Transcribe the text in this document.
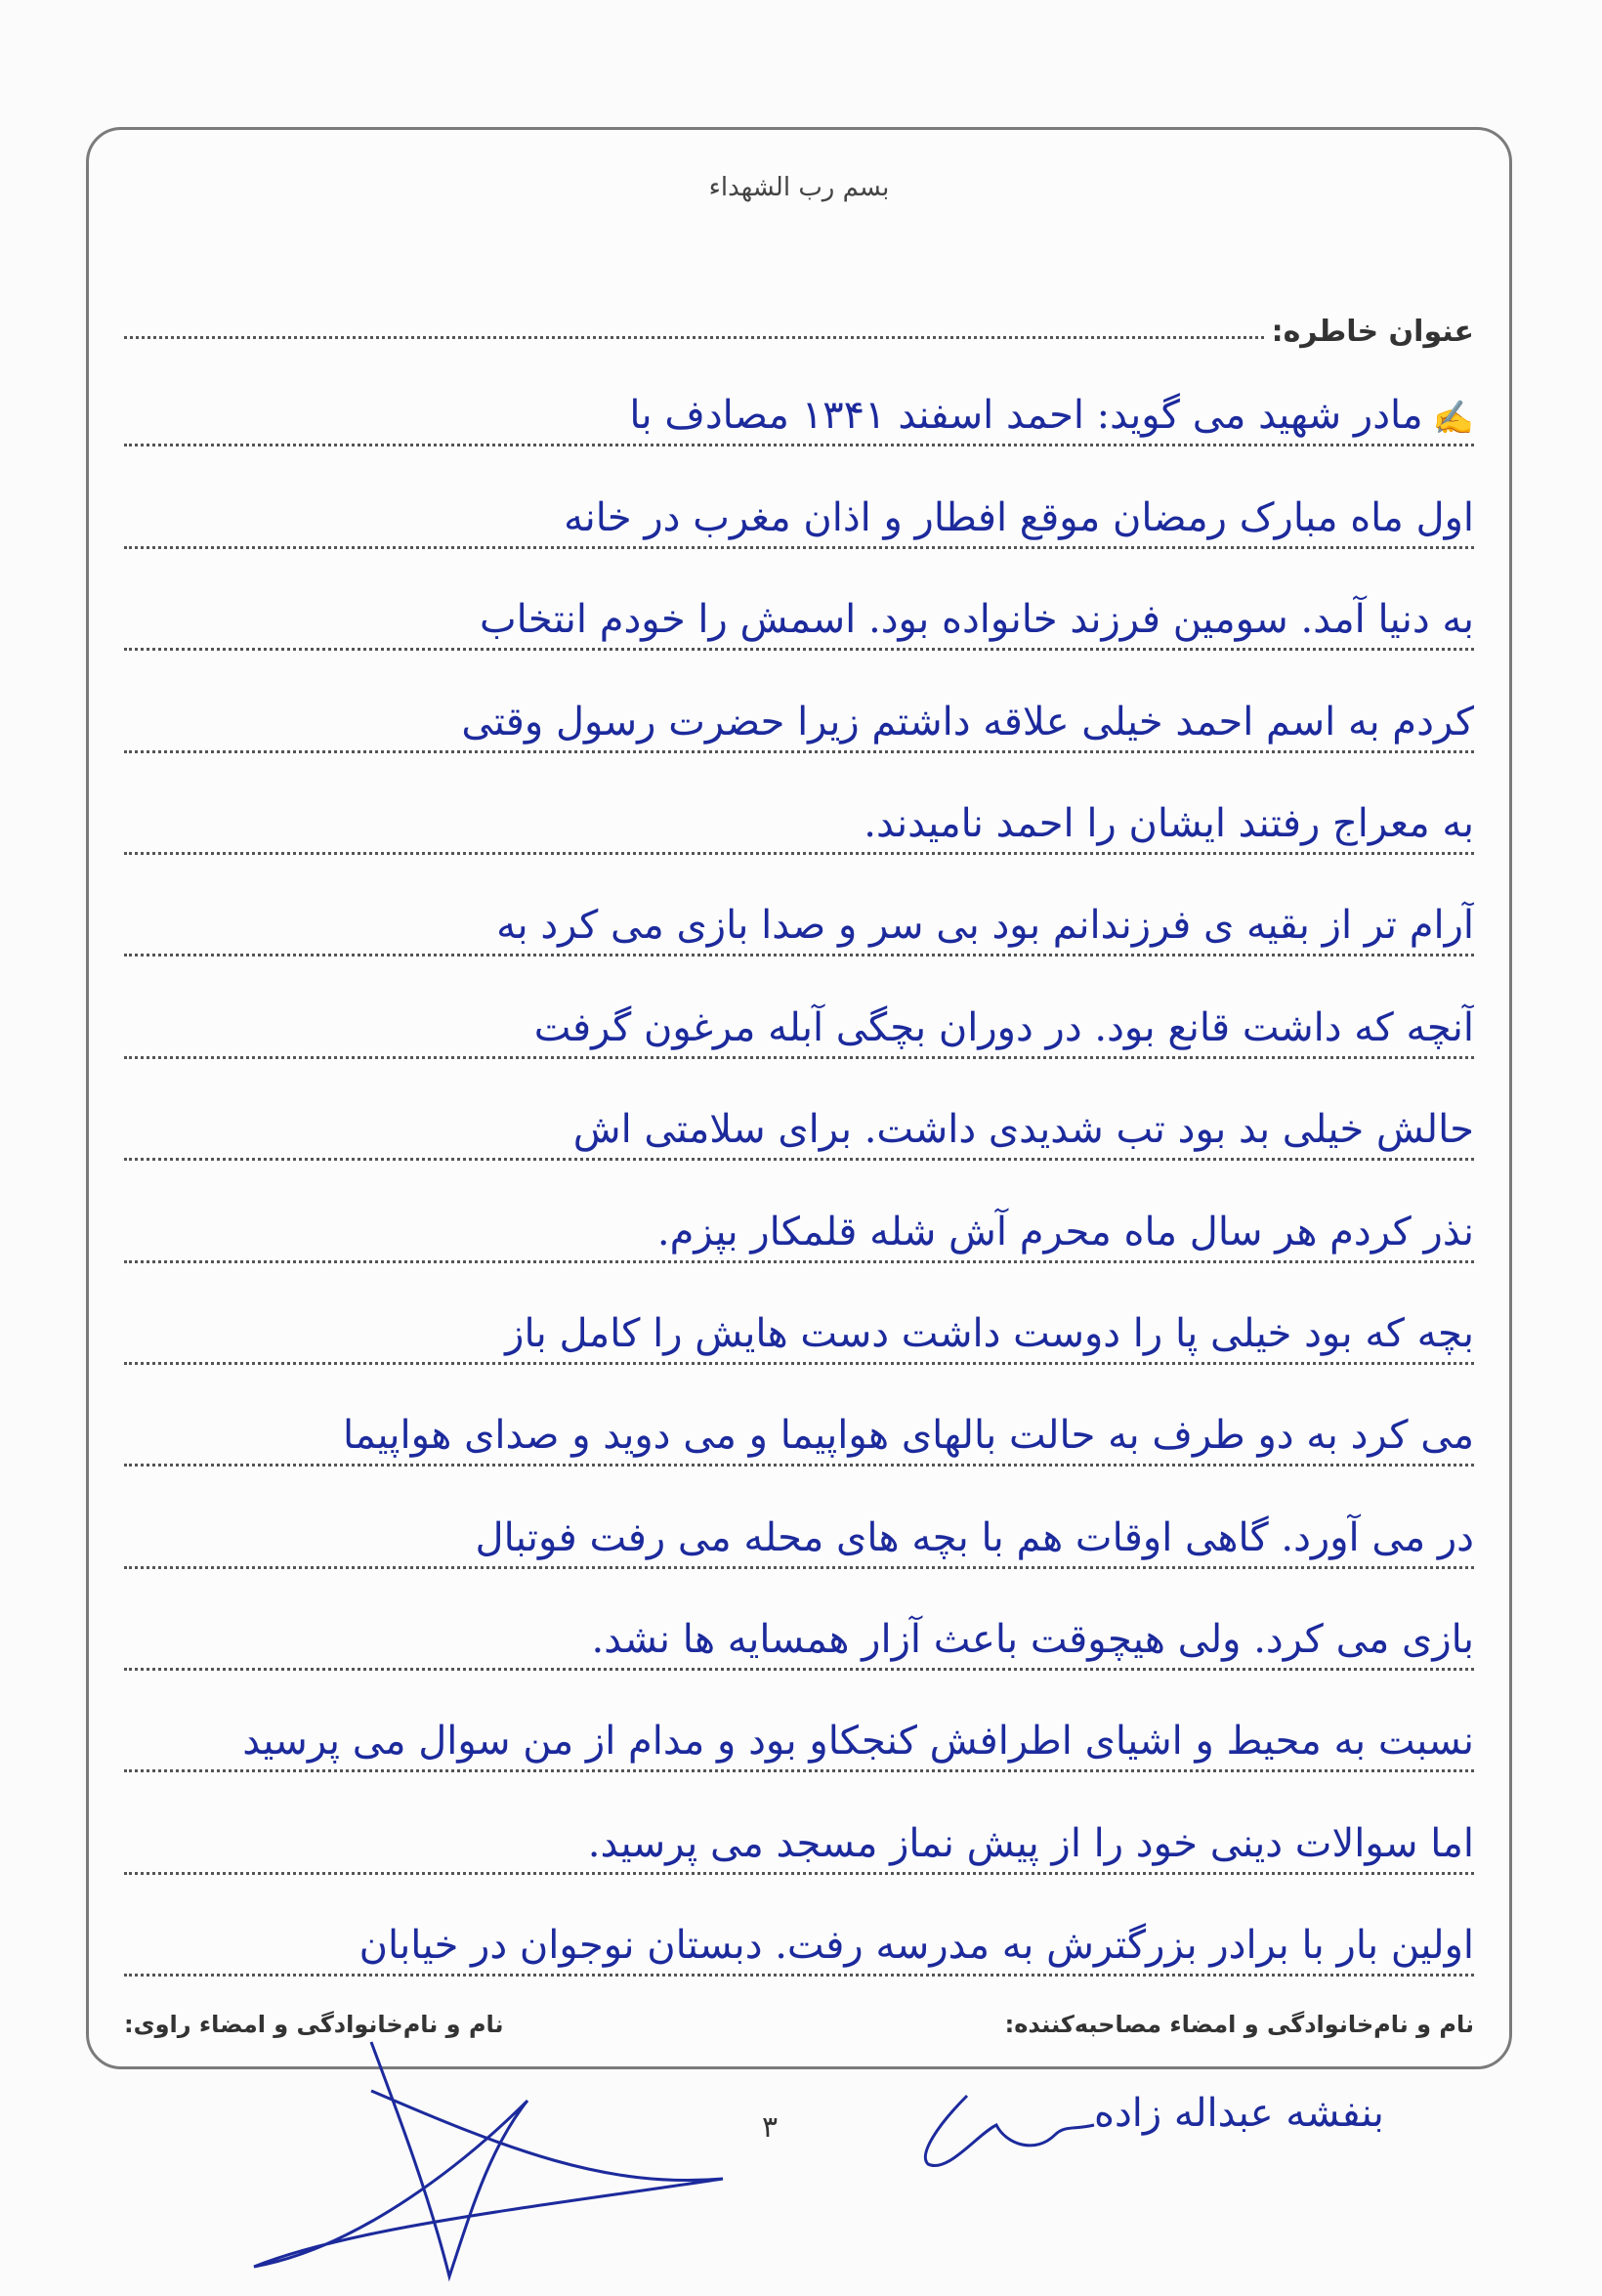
بسم رب الشهداء
عنوان خاطره:
✍
مادر شهید می گوید: احمد اسفند ۱۳۴۱ مصادف با
اول ماه مبارک رمضان موقع افطار و اذان مغرب در خانه
به دنیا آمد. سومین فرزند خانواده بود. اسمش را خودم انتخاب
کردم به اسم احمد خیلی علاقه داشتم زیرا حضرت رسول وقتی
به معراج رفتند ایشان را احمد نامیدند.
آرام تر از بقیه ی فرزندانم بود بی سر و صدا بازی می کرد به
آنچه که داشت قانع بود. در دوران بچگی آبله مرغون گرفت
حالش خیلی بد بود تب شدیدی داشت. برای سلامتی اش
نذر کردم هر سال ماه محرم آش شله قلمکار بپزم.
بچه که بود خیلی پا را دوست داشت دست هایش را کامل باز
می کرد به دو طرف به حالت بالهای هواپیما و می دوید و صدای هواپیما
در می آورد. گاهی اوقات هم با بچه های محله می رفت فوتبال
بازی می کرد. ولی هیچوقت باعث آزار همسایه ها نشد.
نسبت به محیط و اشیای اطرافش کنجکاو بود و مدام از من سوال می پرسید
اما سوالات دینی خود را از پیش نماز مسجد می پرسید.
اولین بار با برادر بزرگترش به مدرسه رفت. دبستان نوجوان در خیابان
نام و نام‌خانوادگی و امضاء مصاحبه‌کننده:
نام و نام‌خانوادگی و امضاء راوی:
۳	بنفشه عبداله زاده
